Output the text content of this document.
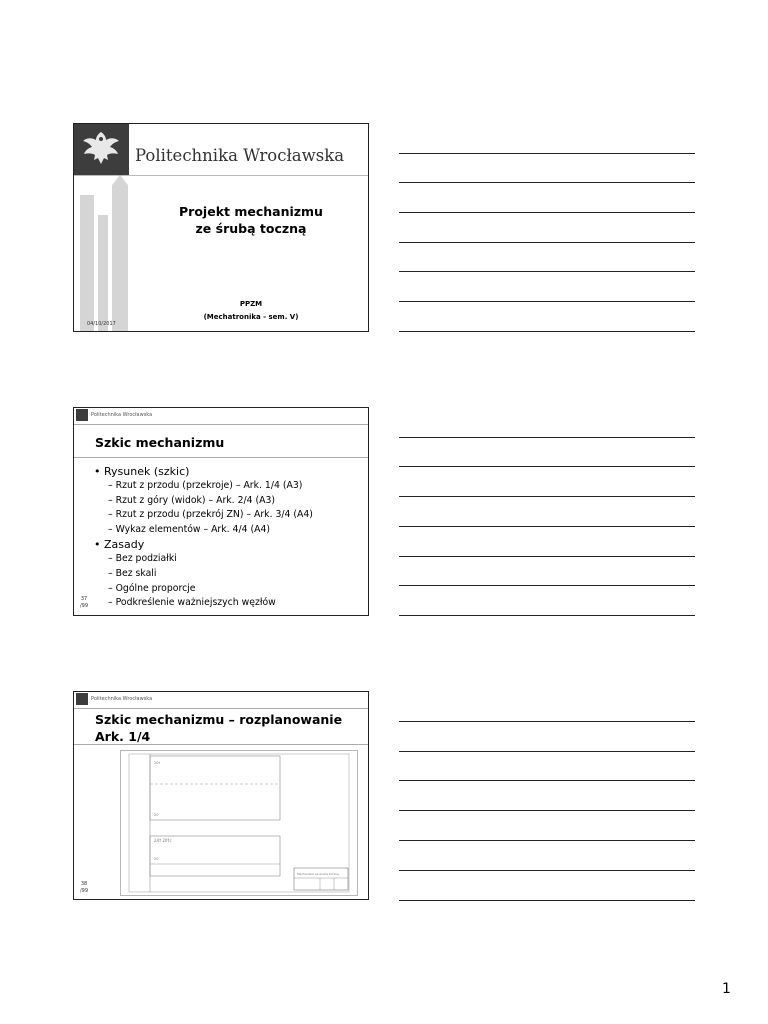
Politechnika Wrocławska
Projekt mechanizmu
ze śrubą toczną
PPZM
(Mechatronika - sem. V)
04/10/2017
Politechnika Wrocławska
Szkic mechanizmu
• Rysunek (szkic)
– Rzut z przodu (przekroje) – Ark. 1/4 (A3)
– Rzut z góry (widok) – Ark. 2/4 (A3)
– Rzut z przodu (przekrój ZN) – Ark. 3/4 (A4)
– Wykaz elementów – Ark. 4/4 (A4)
• Zasady
– Bez podziałki
– Bez skali
– Ogólne proporcje
– Podkreślenie ważniejszych węzłów
37
/99
Politechnika Wrocławska
Szkic mechanizmu – rozplanowanie
Ark. 1/4
20†
20
24† 20†c
20
Mechanizm ze śrubą toczną
38
/99
1
